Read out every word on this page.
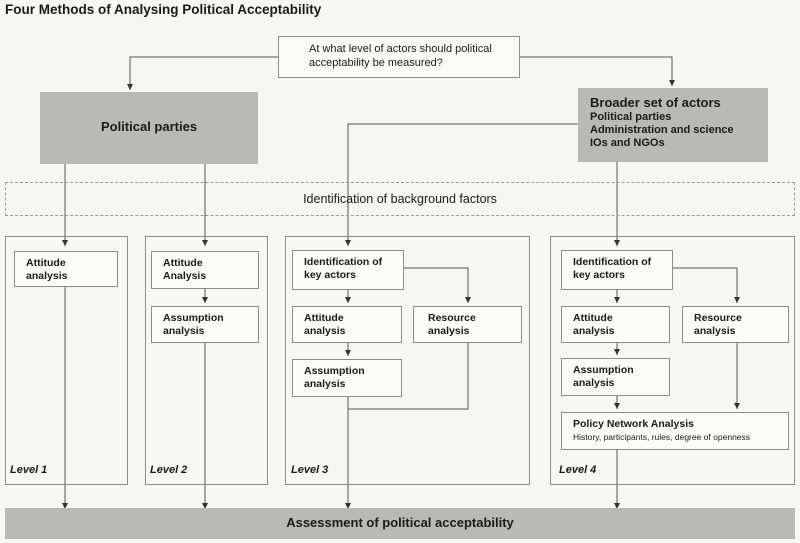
Four Methods of Analysing Political Acceptability
At what level of actors should political acceptability be measured?
Political parties
Broader set of actors
Political parties
Administration and science
IOs and NGOs
Identification of background factors
Level 1	Level 2	Level 3	Level 4
Attitude analysis
Attitude Analysis
Assumption analysis
Identification of key actors
Attitude analysis
Resource analysis
Assumption analysis
Identification of key actors
Attitude analysis
Resource analysis
Assumption analysis
Policy Network Analysis
History, participants, rules, degree of openness
Assessment of political acceptability
